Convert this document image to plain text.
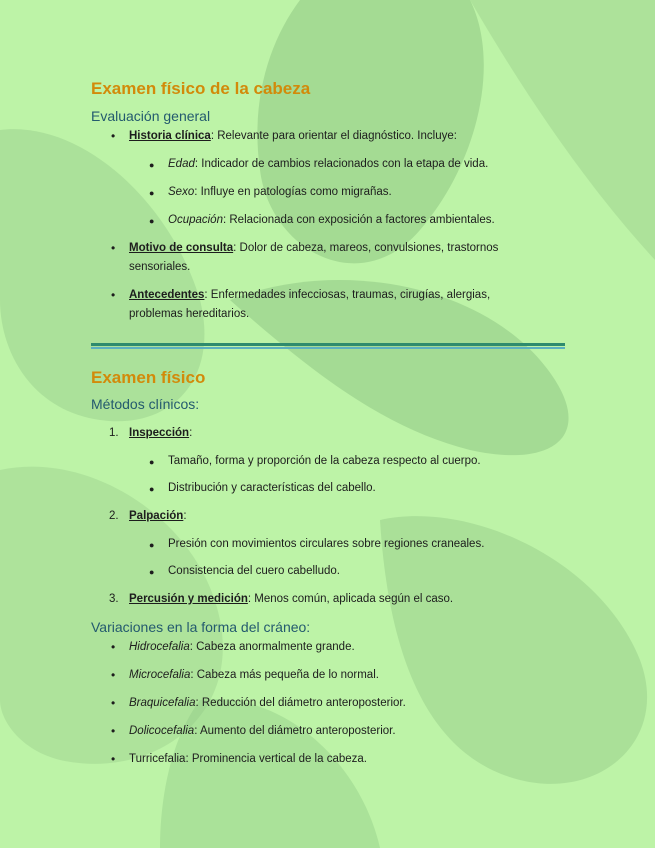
Examen físico de la cabeza
Evaluación general
• Historia clínica: Relevante para orientar el diagnóstico. Incluye:
● Edad: Indicador de cambios relacionados con la etapa de vida.
● Sexo: Influye en patologías como migrañas.
● Ocupación: Relacionada con exposición a factores ambientales.
• Motivo de consulta: Dolor de cabeza, mareos, convulsiones, trastornos
sensoriales.
• Antecedentes: Enfermedades infecciosas, traumas, cirugías, alergias,
problemas hereditarios.
Examen físico
Métodos clínicos:
1. Inspección:
● Tamaño, forma y proporción de la cabeza respecto al cuerpo.
● Distribución y características del cabello.
2. Palpación:
● Presión con movimientos circulares sobre regiones craneales.
● Consistencia del cuero cabelludo.
3. Percusión y medición: Menos común, aplicada según el caso.
Variaciones en la forma del cráneo:
• Hidrocefalia: Cabeza anormalmente grande.
• Microcefalia: Cabeza más pequeña de lo normal.
• Braquicefalia: Reducción del diámetro anteroposterior.
• Dolicocefalia: Aumento del diámetro anteroposterior.
• Turricefalia: Prominencia vertical de la cabeza.
